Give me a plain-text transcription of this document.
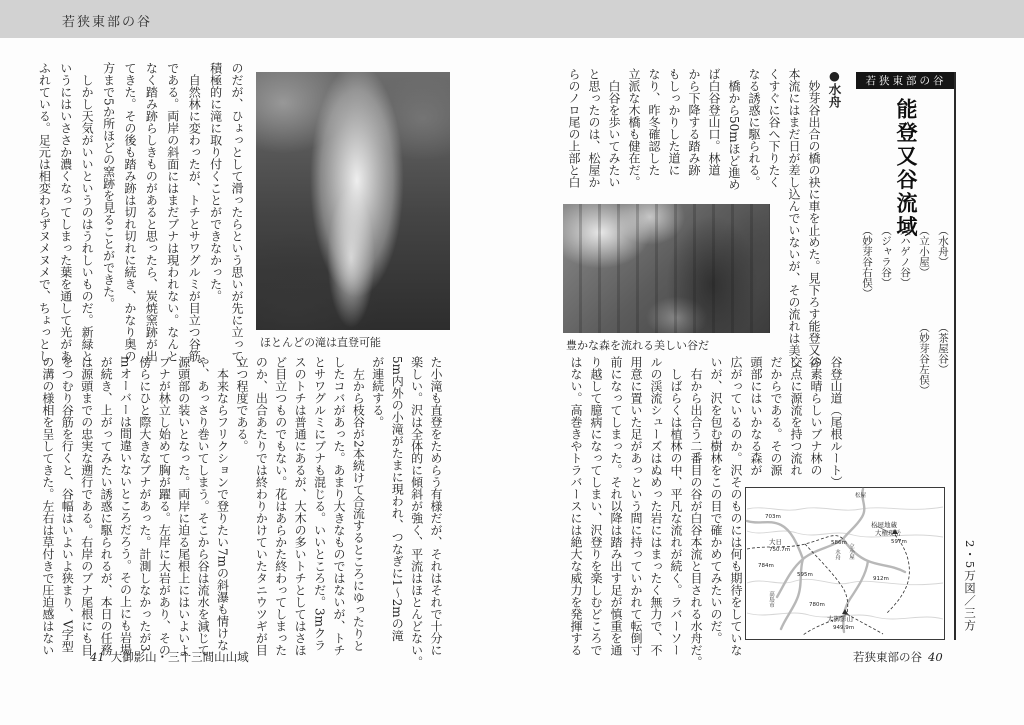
若狭東部の谷
若狭東部の谷
能登又谷流域

（水舟）

（立小屋）

（ハゲノ谷）

（ジャラ谷）

（妙芽谷右俣）

（茶屋谷）

（妙芽谷左俣）

●水舟

　妙芽谷出合の橋の袂に車を止めた。見下ろす能登又谷

本流にはまだ日が差し込んでいないが、その流れは美し

くすぐに谷へ下りたく

なる誘惑に駆られる。

　橋から50mほど進め

ば白谷登山口。林道

から下降する踏み跡

もしっかりした道に

なり、昨冬確認した

立派な木橋も健在だ。

　白谷を歩いてみたい

と思ったのは、松屋か

らのノロ尾の上部と白

豊かな森を流れる美しい谷だ

谷登山道（尾根ルート）

の素晴らしいブナ林の

交点に源流を持つ流れ

だからである。その源

頭部にはいかなる森が

広がっているのか。沢そのものには何も期待をしていな

いが、沢を包む樹林をこの目で確かめてみたいのだ。

　右から出合う二番目の谷が白谷本流と目される水舟だ。

　しばらくは植林の中、平凡な流れが続く。ラバーソー

ルの渓流シューズはぬめった岩にはまったく無力で、不

用意に置いた足があっという間に持っていかれて転倒寸

前になってしまった。それ以降は踏み出す足が慎重を通

り越して臆病になってしまい、沢登りを楽しむどころで

はない。高巻きやトラバースには絶大な威力を発揮する	松屋
松屋地蔵
大権現岳
597m
586m
703m
大日
750.7m
784m
595m
912m
780m
大御影山
949.9m
高島市
水舟 立小屋	2・5万図／三方
若狭東部の谷 40

のだが、ひょっとして滑ったらという思いが先に立って、

積極的に滝に取り付くことができなかった。

　自然林に変わったが、トチとサワグルミが目立つ谷筋

である。両岸の斜面にはまだブナは現われない。なんと

なく踏み跡らしきものがあると思ったら、炭焼窯跡が出

てきた。その後も踏み跡は切れ切れに続き、かなり奥の

方まで5か所ほどの窯跡を見ることができた。

　しかし天気がいいというのはうれしいものだ。新緑と

いうにはいささか濃くなってしまった葉を通して光があ

ふれている。足元は相変わらずヌメヌメで、ちょっとし	ほとんどの滝は直登可能

た小滝も直登をためらう有様だが、それはそれで十分に

楽しい。沢は全体的に傾斜が強く、平流はほとんどない。

5m内外の小滝がたまに現われ、つなぎに1～2mの滝

が連続する。

　左から枝谷が2本続けて合流するところにゆったりと

したコバがあった。あまり大きなものではないが、トチ

とサワグルミにブナも混じる。いいところだ。3mクラ

スのトチは普通にあるが、大木の多いトチとしてはさほ

ど目立つものでもない。花はあらかた終わってしまった

のか、出合あたりでは終わりかけていたタニウツギが目

立つ程度である。

　本来ならフリクションで登りたい7mの斜瀑も情けな

や、あっさり巻いてしまう。そこから谷は流水を減じて

源頭部の装いとなった。両岸に迫る尾根上にはいよいよ

ブナが林立し始めて胸が躍る。左岸に大岩があり、その

傍らにひと際大きなブナがあった。計測しなかったが3

mオーバーは間違いないところだろう。その上にも岩場

が続き、上がってみたい誘惑に駆られるが、本日の任務

は源頭までの忠実な遡行である。右岸のブナ尾根にも目

をつむり谷筋を行くと、谷幅はいよいよ狭まり、V字型

の溝の様相を呈してきた。左右は草付きで圧迫感はない

41 大御影山・三十三間山山域
